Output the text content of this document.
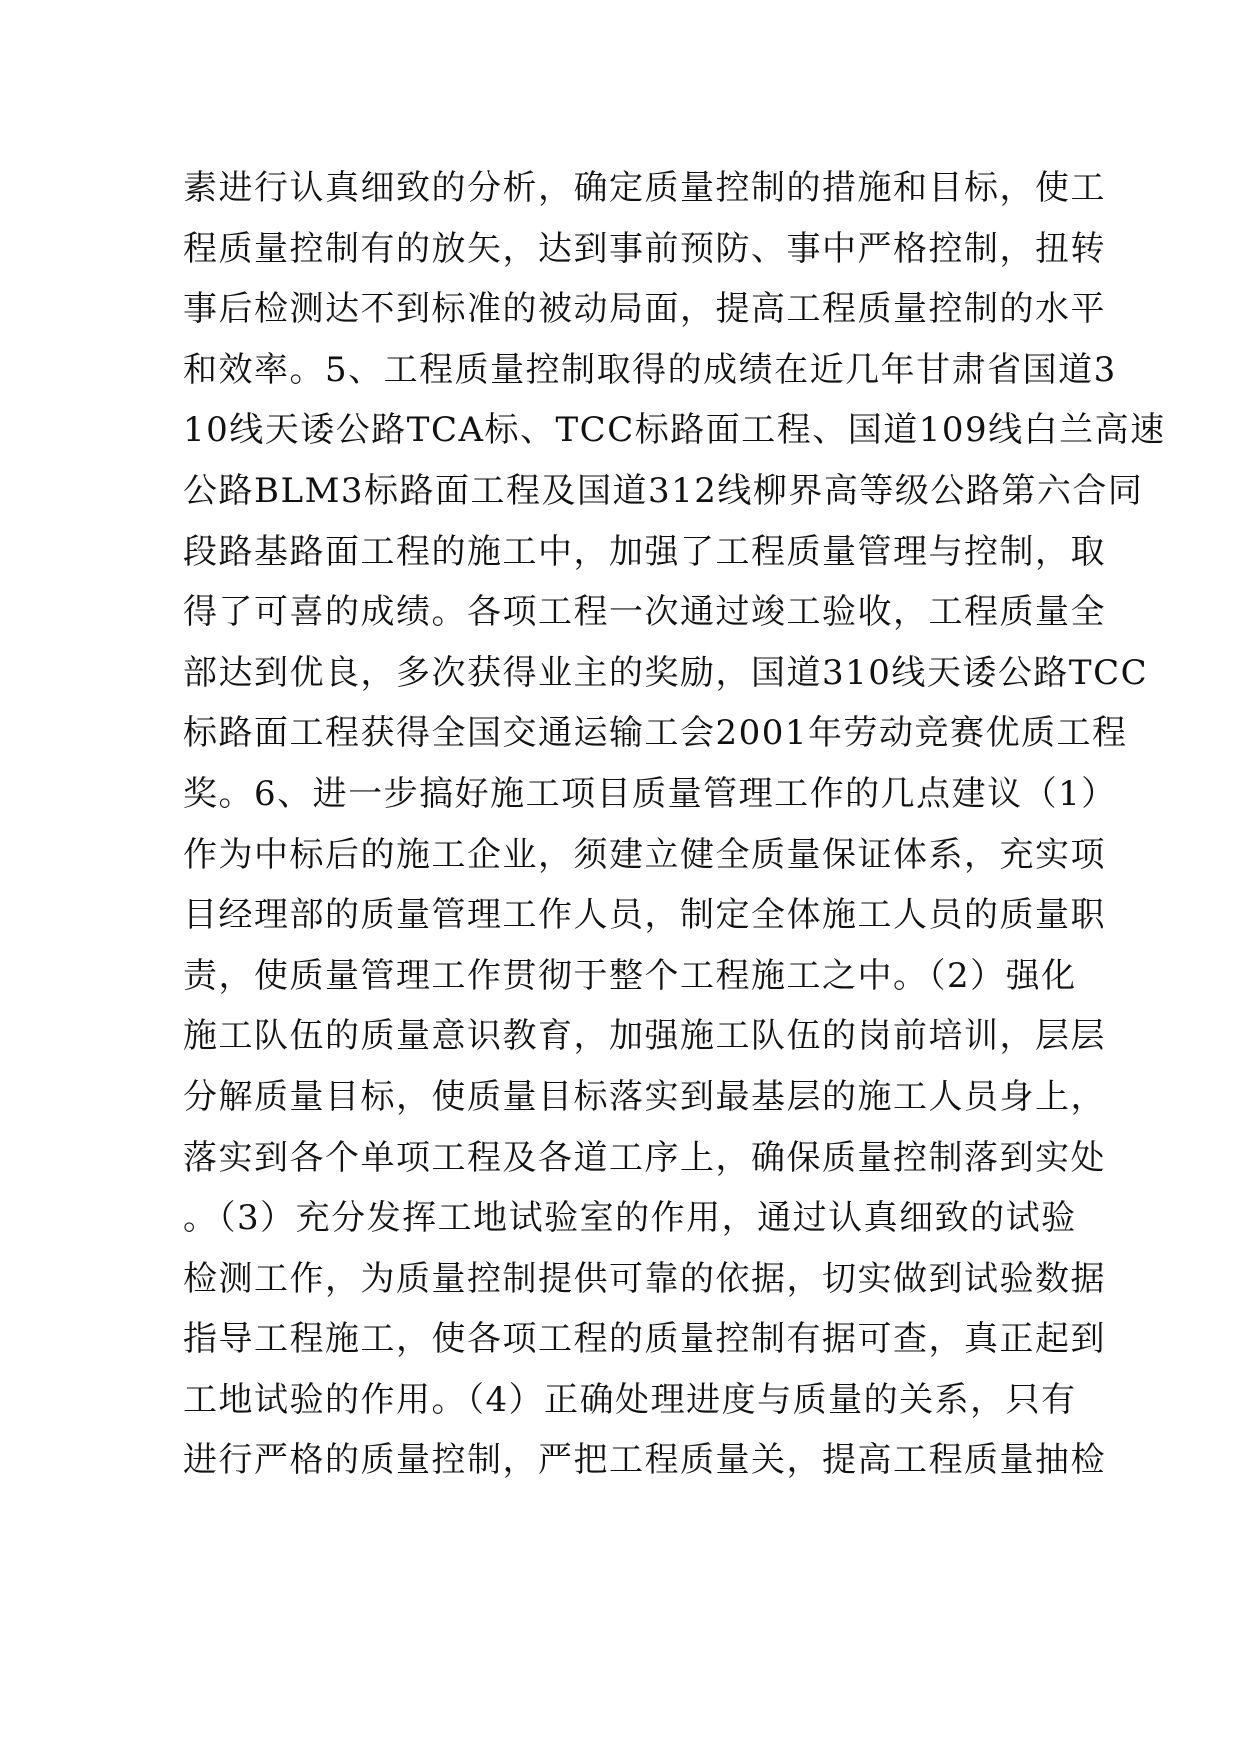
素进行认真细致的分析，确定质量控制的措施和目标，使工
程质量控制有的放矢，达到事前预防、事中严格控制，扭转
事后检测达不到标准的被动局面，提高工程质量控制的水平
和效率。5、工程质量控制取得的成绩在近几年甘肃省国道3
10线天诿公路TCA标、TCC标路面工程、国道109线白兰高速
公路BLM3标路面工程及国道312线柳界高等级公路第六合同
段路基路面工程的施工中，加强了工程质量管理与控制，取
得了可喜的成绩。各项工程一次通过竣工验收，工程质量全
部达到优良，多次获得业主的奖励，国道310线天诿公路TCC
标路面工程获得全国交通运输工会2001年劳动竞赛优质工程
奖。6、进一步搞好施工项目质量管理工作的几点建议（1）
作为中标后的施工企业，须建立健全质量保证体系，充实项
目经理部的质量管理工作人员，制定全体施工人员的质量职
责，使质量管理工作贯彻于整个工程施工之中。（2）强化
施工队伍的质量意识教育，加强施工队伍的岗前培训，层层
分解质量目标，使质量目标落实到最基层的施工人员身上，
落实到各个单项工程及各道工序上，确保质量控制落到实处
。（3）充分发挥工地试验室的作用，通过认真细致的试验
检测工作，为质量控制提供可靠的依据，切实做到试验数据
指导工程施工，使各项工程的质量控制有据可查，真正起到
工地试验的作用。（4）正确处理进度与质量的关系，只有
进行严格的质量控制，严把工程质量关，提高工程质量抽检
